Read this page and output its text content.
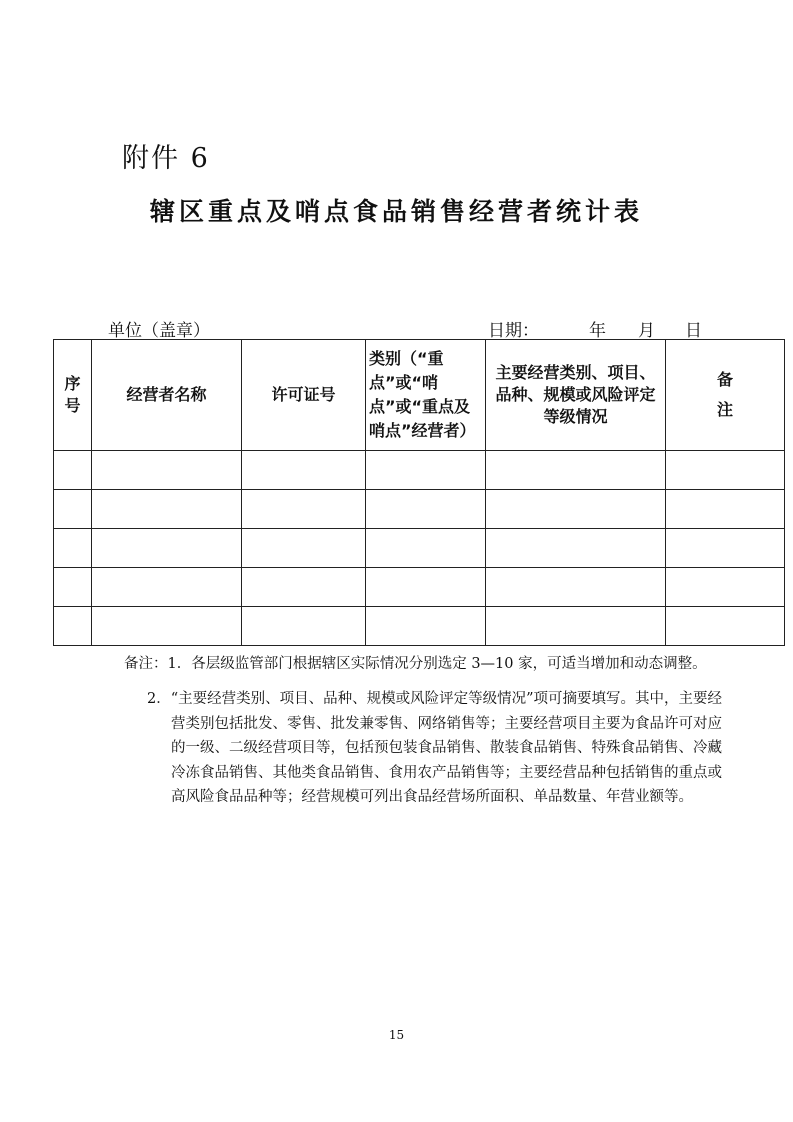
附件 6
辖区重点及哨点食品销售经营者统计表
单位（盖章）	日期：	年 月 日
序号	经营者名称	许可证号	类别（“重点”或“哨点”或“重点及哨点”经营者）	主要经营类别、项目、品种、规模或风险评定等级情况	备注

备注：1．各层级监管部门根据辖区实际情况分别选定 3—10 家，可适当增加和动态调整。
2．“主要经营类别、项目、品种、规模或风险评定等级情况”项可摘要填写。其中，主要经营类别包括批发、零售、批发兼零售、网络销售等；主要经营项目主要为食品许可对应的一级、二级经营项目等，包括预包装食品销售、散装食品销售、特殊食品销售、冷藏冷冻食品销售、其他类食品销售、食用农产品销售等；主要经营品种包括销售的重点或高风险食品品种等；经营规模可列出食品经营场所面积、单品数量、年营业额等。
15
